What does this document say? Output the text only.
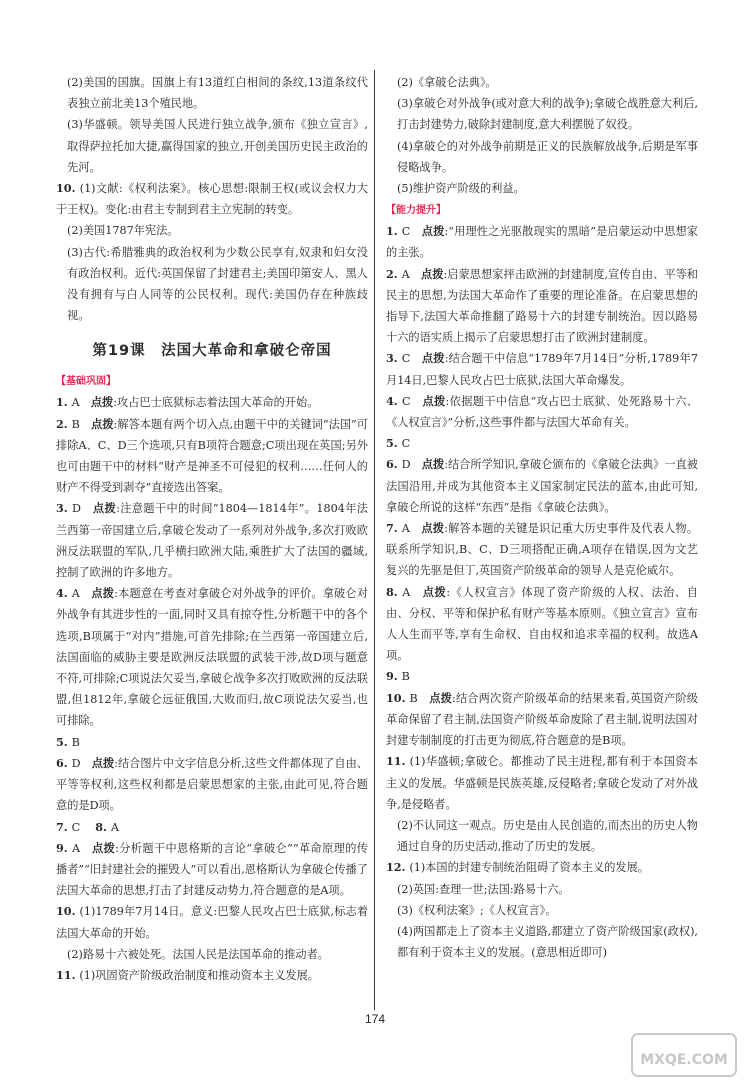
(2)美国的国旗。国旗上有13道红白相间的条纹,13道条纹代表独立前北美13个殖民地。

(3)华盛顿。领导美国人民进行独立战争,颁布《独立宣言》,取得萨拉托加大捷,赢得国家的独立,开创美国历史民主政治的先河。

10. (1)文献:《权利法案》。核心思想:限制王权(或议会权力大于王权)。变化:由君主专制到君主立宪制的转变。

(2)美国1787年宪法。

(3)古代:希腊雅典的政治权利为少数公民享有,奴隶和妇女没有政治权利。近代:英国保留了封建君主;美国印第安人、黑人没有拥有与白人同等的公民权利。现代:美国仍存在种族歧视。

第19课　法国大革命和拿破仑帝国
【基础巩固】

1. A　点拨:攻占巴士底狱标志着法国大革命的开始。

2. B　点拨:解答本题有两个切入点,由题干中的关键词“法国”可排除A、C、D三个选项,只有B项符合题意;C项出现在英国;另外也可由题干中的材料“财产是神圣不可侵犯的权利……任何人的财产不得受到剥夺”直接选出答案。

3. D　点拨:注意题干中的时间“1804—1814年”。1804年法兰西第一帝国建立后,拿破仑发动了一系列对外战争,多次打败欧洲反法联盟的军队,几乎横扫欧洲大陆,乘胜扩大了法国的疆域,控制了欧洲的许多地方。

4. A　点拨:本题意在考查对拿破仑对外战争的评价。拿破仑对外战争有其进步性的一面,同时又具有掠夺性,分析题干中的各个选项,B项属于“对内”措施,可首先排除;在兰西第一帝国建立后,法国面临的威胁主要是欧洲反法联盟的武装干涉,故D项与题意不符,可排除;C项说法欠妥当,拿破仑战争多次打败欧洲的反法联盟,但1812年,拿破仑远征俄国,大败而归,故C项说法欠妥当,也可排除。

5. B

6. D　点拨:结合图片中文字信息分析,这些文件都体现了自由、平等等权利,这些权利都是启蒙思想家的主张,由此可见,符合题意的是D项。

7. C　 8. A

9. A　点拨:分析题干中恩格斯的言论“拿破仑”“革命原理的传播者”“旧封建社会的摧毁人”可以看出,恩格斯认为拿破仑传播了法国大革命的思想,打击了封建反动势力,符合题意的是A项。

10. (1)1789年7月14日。意义:巴黎人民攻占巴士底狱,标志着法国大革命的开始。

(2)路易十六被处死。法国人民是法国革命的推动者。

11. (1)巩固资产阶级政治制度和推动资本主义发展。

(2)《拿破仑法典》。

(3)拿破仑对外战争(或对意大利的战争);拿破仑战胜意大利后,打击封建势力,破除封建制度,意大利摆脱了奴役。

(4)拿破仑的对外战争前期是正义的民族解放战争,后期是军事侵略战争。

(5)维护资产阶级的利益。

【能力提升】

1. C　点拨:“用理性之光驱散现实的黑暗”是启蒙运动中思想家的主张。

2. A　点拨:启蒙思想家抨击欧洲的封建制度,宣传自由、平等和民主的思想,为法国大革命作了重要的理论准备。在启蒙思想的指导下,法国大革命推翻了路易十六的封建专制统治。因以路易十六的语实质上揭示了启蒙思想打击了欧洲封建制度。

3. C　点拨:结合题干中信息“1789年7月14日”分析,1789年7月14日,巴黎人民攻占巴士底狱,法国大革命爆发。

4. C　点拨:依据题干中信息“攻占巴士底狱、处死路易十六、《人权宣言》”分析,这些事件都与法国大革命有关。

5. C

6. D　点拨:结合所学知识,拿破仑颁布的《拿破仑法典》一直被法国沿用,并成为其他资本主义国家制定民法的蓝本,由此可知,拿破仑所说的这样“东西”是指《拿破仑法典》。

7. A　点拨:解答本题的关键是识记重大历史事件及代表人物。联系所学知识,B、C、D三项搭配正确,A项存在错误,因为文艺复兴的先驱是但丁,英国资产阶级革命的领导人是克伦威尔。

8. A　点拨:《人权宣言》体现了资产阶级的人权、法治、自由、分权、平等和保护私有财产等基本原则。《独立宣言》宣布人人生而平等,享有生命权、自由权和追求幸福的权利。故选A项。

9. B

10. B　点拨:结合两次资产阶级革命的结果来看,英国资产阶级革命保留了君主制,法国资产阶级革命废除了君主制,说明法国对封建专制制度的打击更为彻底,符合题意的是B项。

11. (1)华盛顿;拿破仑。都推动了民主进程,都有利于本国资本主义的发展。华盛顿是民族英雄,反侵略者;拿破仑发动了对外战争,是侵略者。

(2)不认同这一观点。历史是由人民创造的,而杰出的历史人物通过自身的历史活动,推动了历史的发展。

12. (1)本国的封建专制统治阻碍了资本主义的发展。

(2)英国:查理一世;法国:路易十六。

(3)《权利法案》;《人权宣言》。

(4)两国都走上了资本主义道路,都建立了资产阶级国家(政权),都有利于资本主义的发展。(意思相近即可)

174
MXQE.COM
